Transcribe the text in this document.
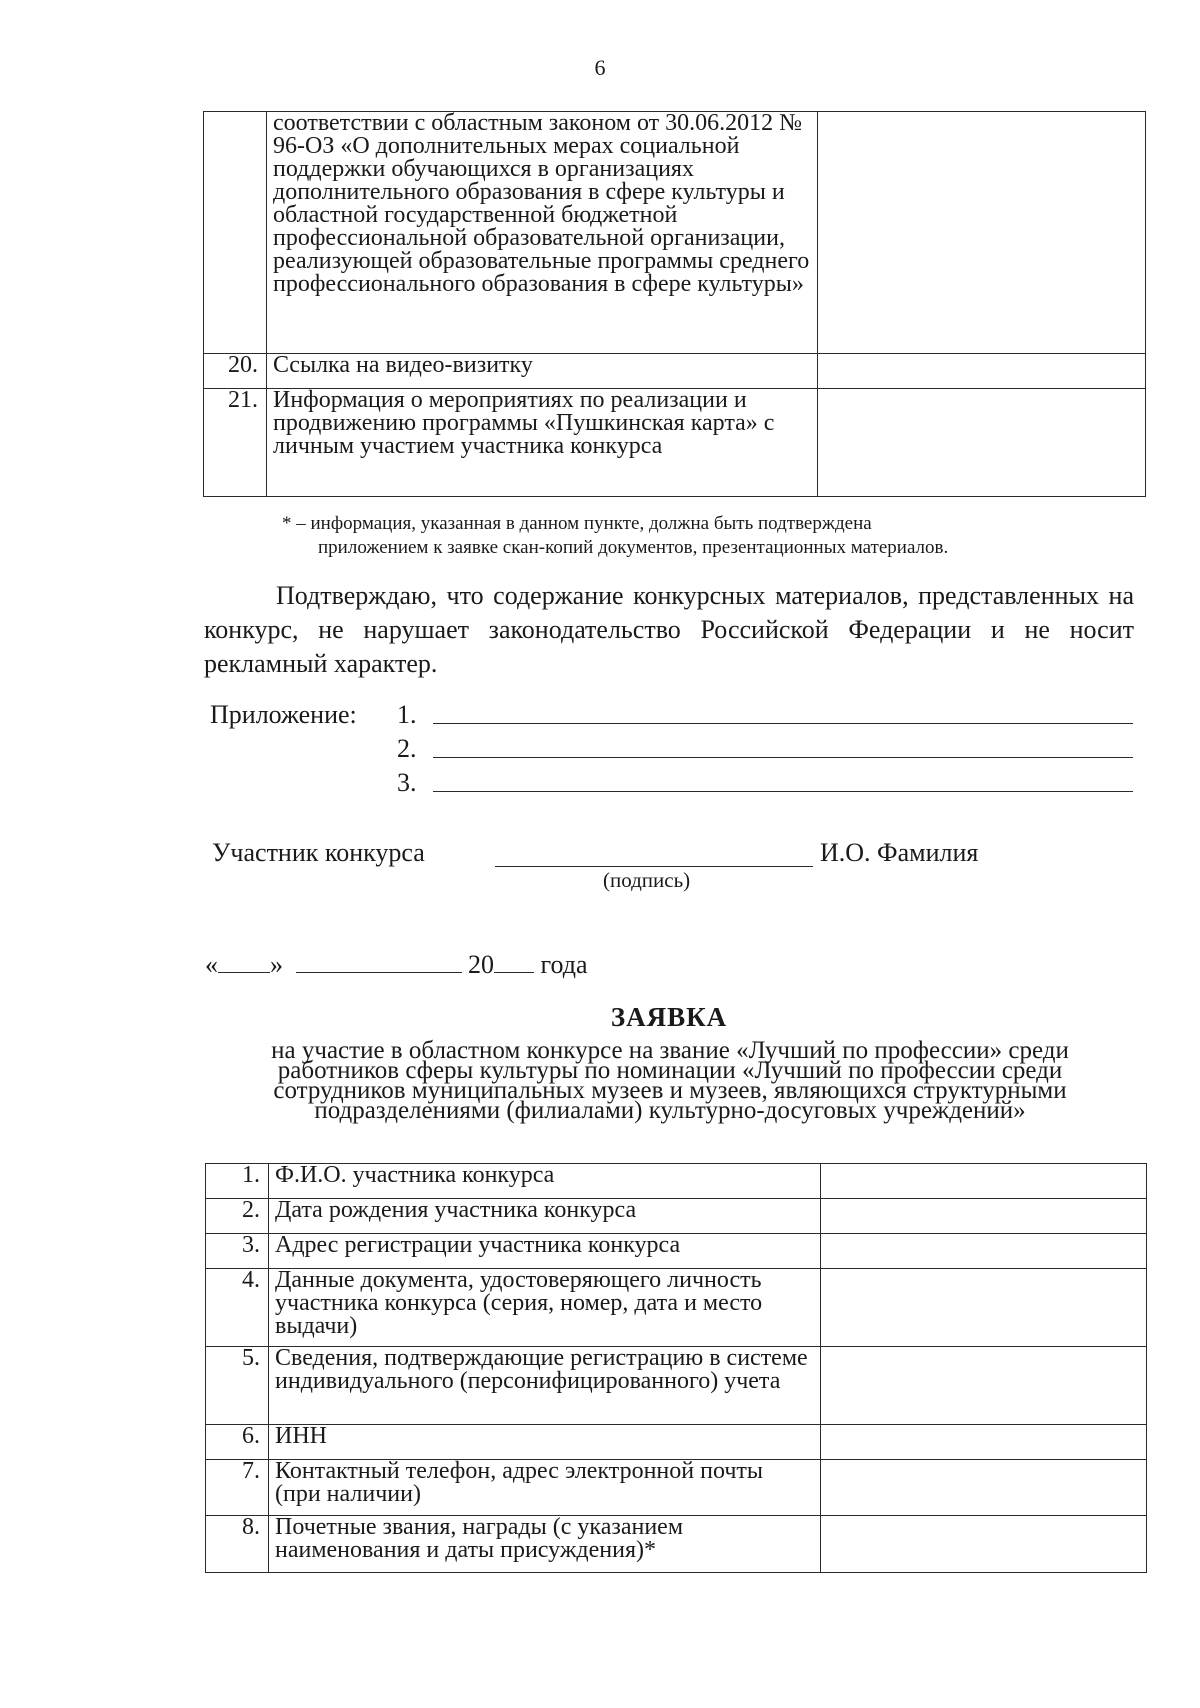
6
	соответствии с областным законом от 30.06.2012 № 96-ОЗ «О дополнительных мерах социальной поддержки обучающихся в организациях дополнительного образования в сфере культуры и областной государственной бюджетной профессиональной образовательной организации, реализующей образовательные программы среднего профессионального образования в сфере культуры»	
20.	Ссылка на видео-визитку	
21.	Информация о мероприятиях по реализации и продвижению программы «Пушкинская карта» с личным участием участника конкурса	
* – информация, указанная в данном пункте, должна быть подтверждена
приложением к заявке скан-копий документов, презентационных материалов.

Подтверждаю, что содержание конкурсных материалов, представленных на конкурс, не нарушает законодательство Российской Федерации и не носит рекламный характер.

Приложение: 1.
2.
3.
Участник конкурса
(подпись)
И.О. Фамилия
« »	20 года
ЗАЯВКА
на участие в областном конкурсе на звание «Лучший по профессии» среди работников сферы культуры по номинации «Лучший по профессии среди сотрудников муниципальных музеев и музеев, являющихся структурными подразделениями (филиалами) культурно-досуговых учреждений»
1.	Ф.И.О. участника конкурса	
2.	Дата рождения участника конкурса	
3.	Адрес регистрации участника конкурса	
4.	Данные документа, удостоверяющего личность участника конкурса (серия, номер, дата и место выдачи)	
5.	Сведения, подтверждающие регистрацию в системе индивидуального (персонифицированного) учета	
6.	ИНН	
7.	Контактный телефон, адрес электронной почты (при наличии)	
8.	Почетные звания, награды (с указанием наименования и даты присуждения)*	
